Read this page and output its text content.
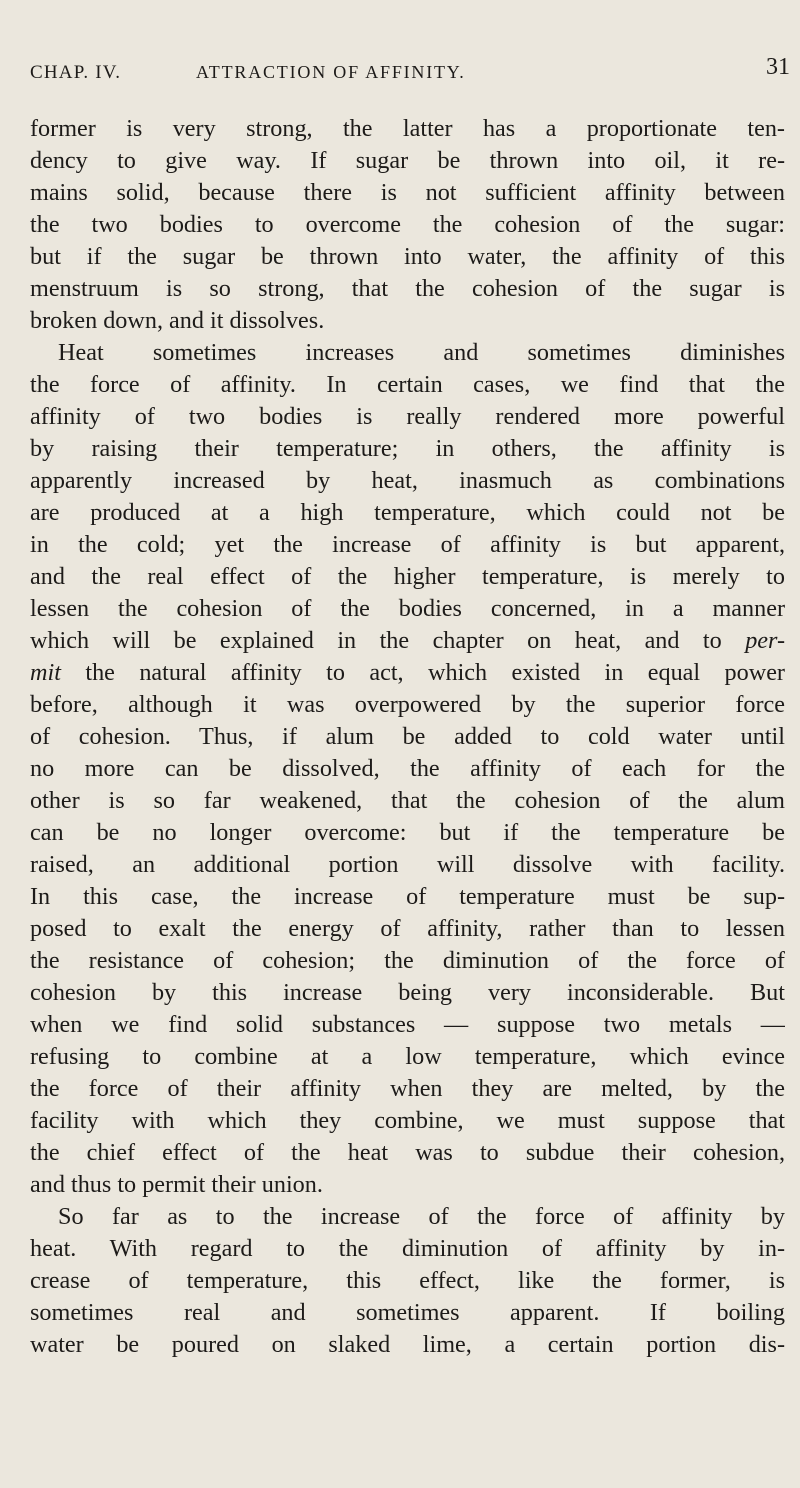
CHAP. IV.	ATTRACTION OF AFFINITY.	31
former is very strong, the latter has a proportionate ten-
dency to give way. If sugar be thrown into oil, it re-
mains solid, because there is not sufficient affinity between
the two bodies to overcome the cohesion of the sugar:
but if the sugar be thrown into water, the affinity of this
menstruum is so strong, that the cohesion of the sugar is
broken down, and it dissolves.
Heat sometimes increases and sometimes diminishes
the force of affinity. In certain cases, we find that the
affinity of two bodies is really rendered more powerful
by raising their temperature; in others, the affinity is
apparently increased by heat, inasmuch as combinations
are produced at a high temperature, which could not be
in the cold; yet the increase of affinity is but apparent,
and the real effect of the higher temperature, is merely to
lessen the cohesion of the bodies concerned, in a manner
which will be explained in the chapter on heat, and to per-
mit the natural affinity to act, which existed in equal power
before, although it was overpowered by the superior force
of cohesion. Thus, if alum be added to cold water until
no more can be dissolved, the affinity of each for the
other is so far weakened, that the cohesion of the alum
can be no longer overcome: but if the temperature be
raised, an additional portion will dissolve with facility.
In this case, the increase of temperature must be sup-
posed to exalt the energy of affinity, rather than to lessen
the resistance of cohesion; the diminution of the force of
cohesion by this increase being very inconsiderable. But
when we find solid substances — suppose two metals —
refusing to combine at a low temperature, which evince
the force of their affinity when they are melted, by the
facility with which they combine, we must suppose that
the chief effect of the heat was to subdue their cohesion,
and thus to permit their union.
So far as to the increase of the force of affinity by
heat. With regard to the diminution of affinity by in-
crease of temperature, this effect, like the former, is
sometimes real and sometimes apparent. If boiling
water be poured on slaked lime, a certain portion dis-
